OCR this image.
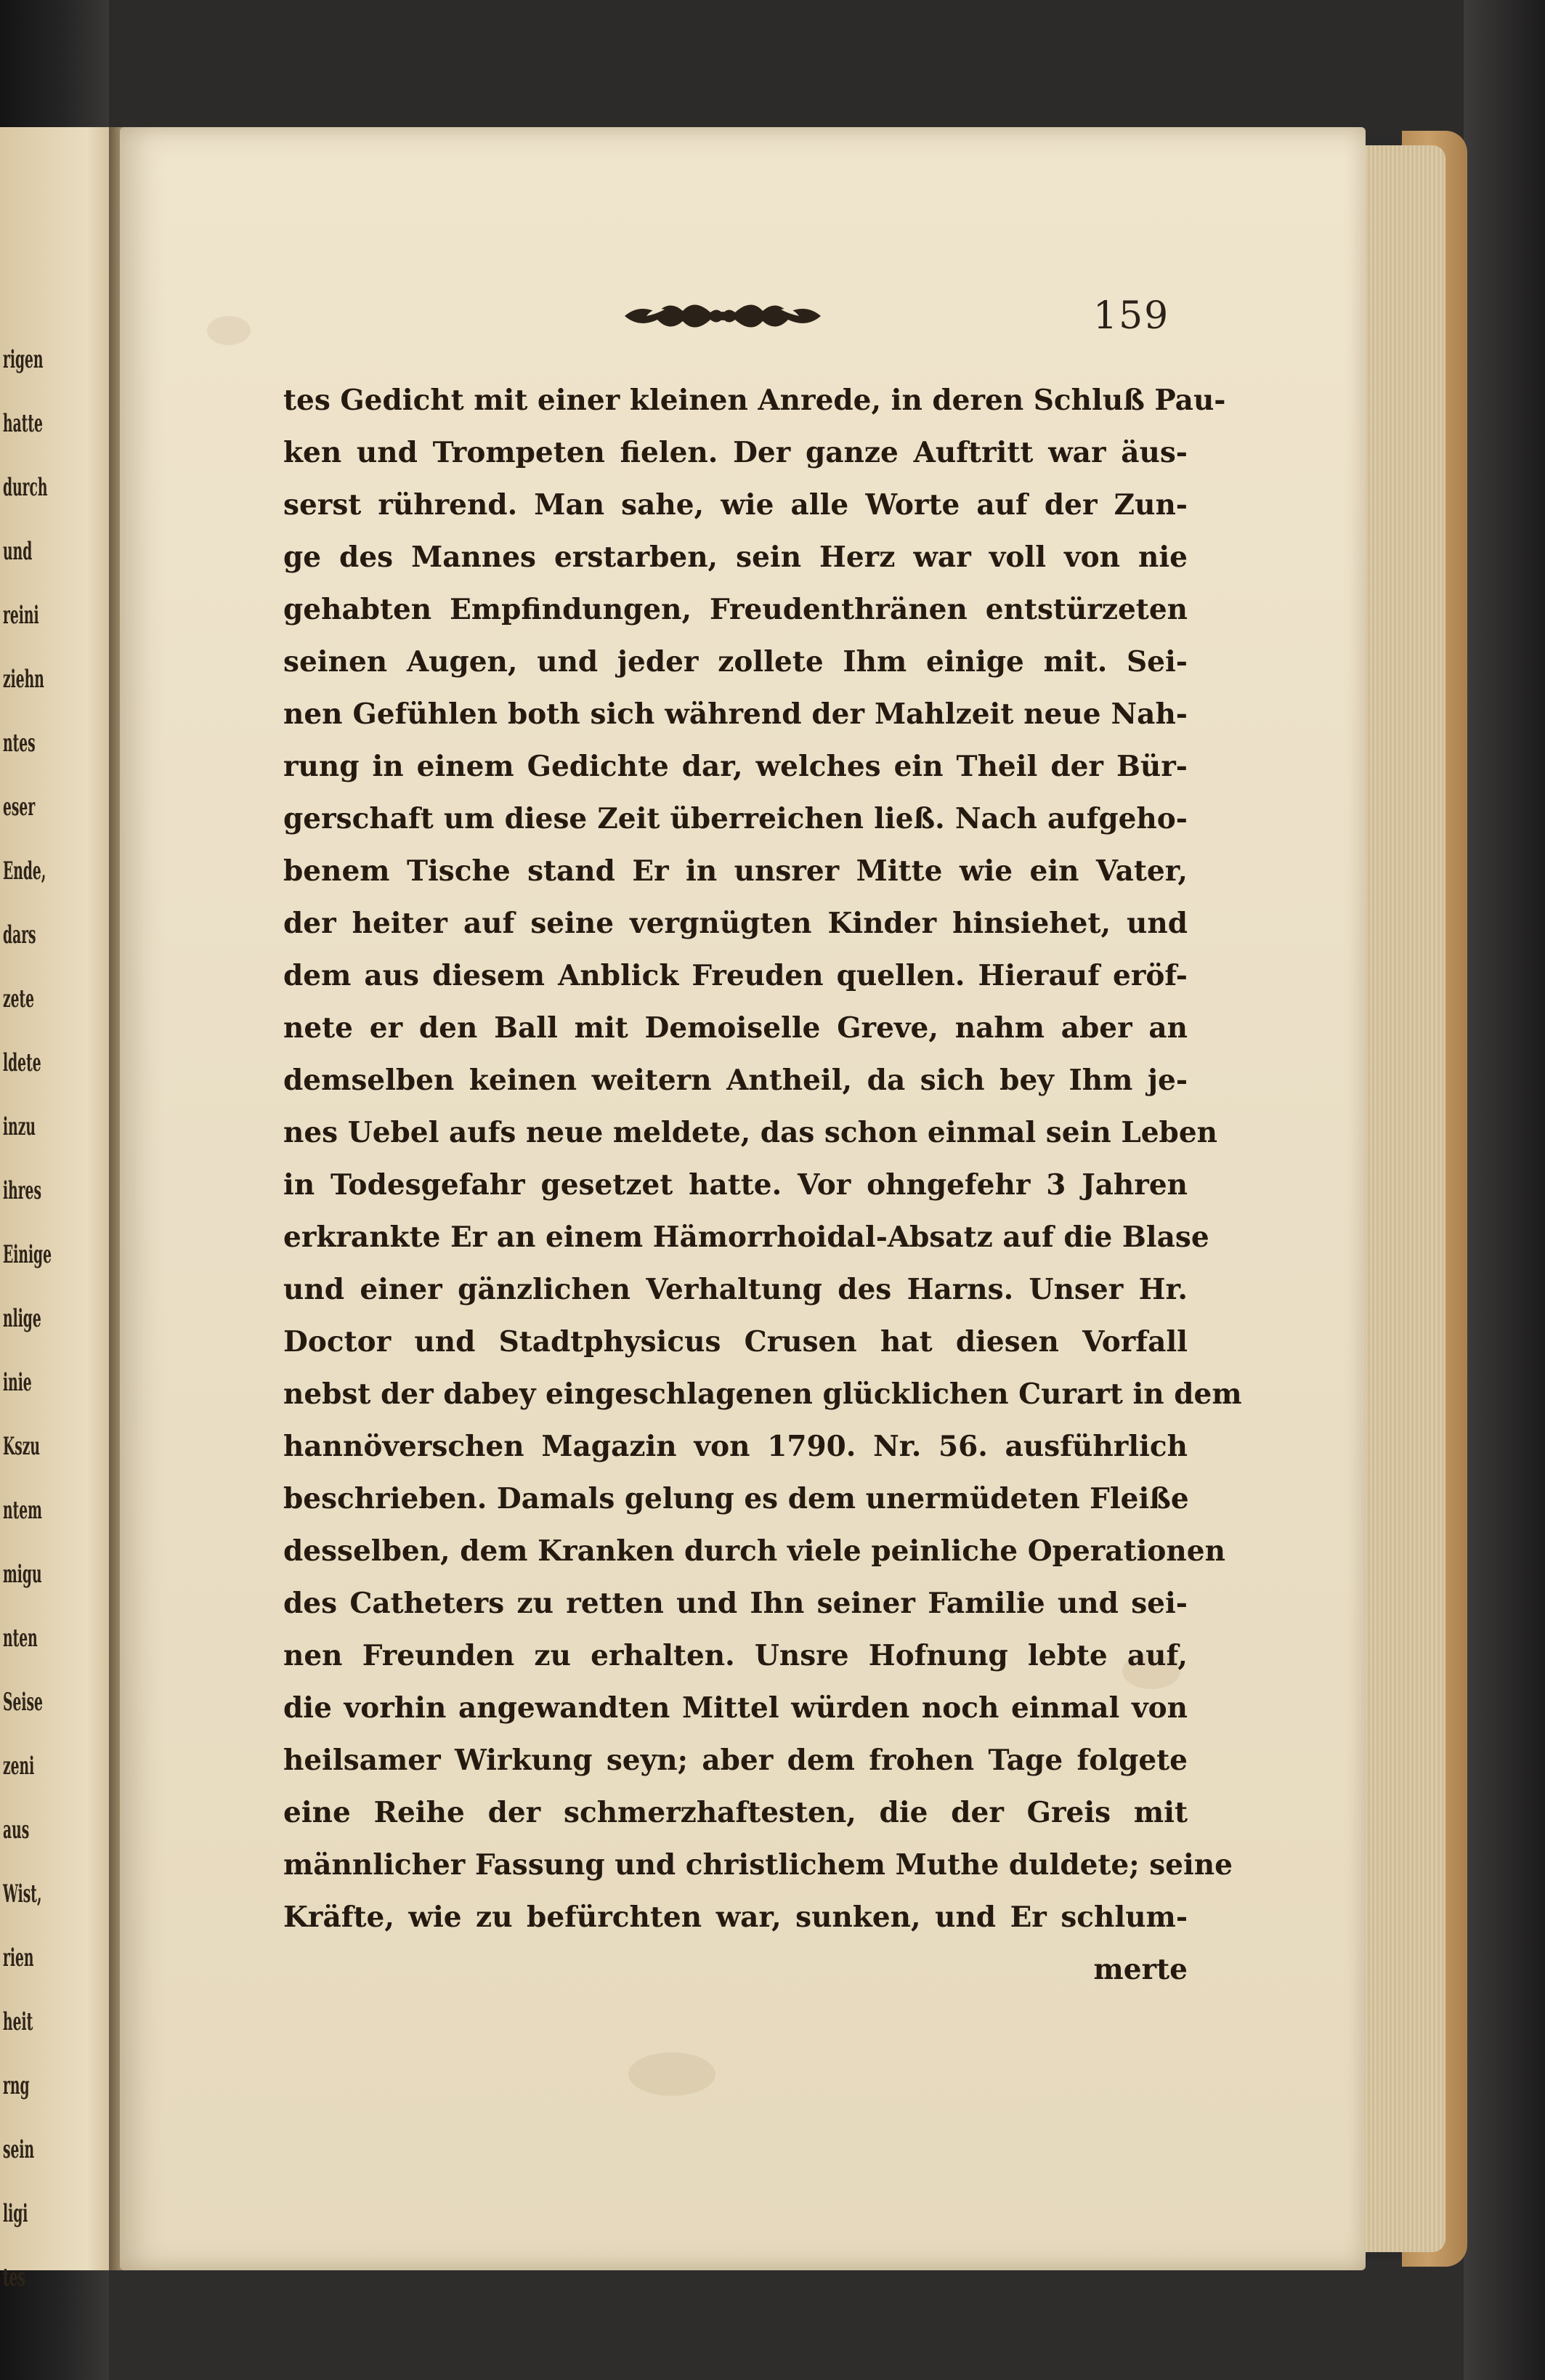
rigen
hatte
durch
und
reini
ziehn
ntes
eser
Ende,
dars
zete
ldete
inzu
ihres
Einige
nlige
inie
Kszu
ntem
migu
nten
Seise
zeni
aus
Wist,
rien
heit
rng
sein
ligi
tes
159
tes Gedicht mit einer kleinen Anrede, in deren Schluß Pau-
ken und Trompeten fielen. Der ganze Auftritt war äus-
serst rührend. Man sahe, wie alle Worte auf der Zun-
ge des Mannes erstarben, sein Herz war voll von nie
gehabten Empfindungen, Freudenthränen entstürzeten
seinen Augen, und jeder zollete Ihm einige mit. Sei-
nen Gefühlen both sich während der Mahlzeit neue Nah-
rung in einem Gedichte dar, welches ein Theil der Bür-
gerschaft um diese Zeit überreichen ließ. Nach aufgeho-
benem Tische stand Er in unsrer Mitte wie ein Vater,
der heiter auf seine vergnügten Kinder hinsiehet, und
dem aus diesem Anblick Freuden quellen. Hierauf eröf-
nete er den Ball mit Demoiselle Greve, nahm aber an
demselben keinen weitern Antheil, da sich bey Ihm je-
nes Uebel aufs neue meldete, das schon einmal sein Leben
in Todesgefahr gesetzet hatte. Vor ohngefehr 3 Jahren
erkrankte Er an einem Hämorrhoidal-Absatz auf die Blase
und einer gänzlichen Verhaltung des Harns. Unser Hr.
Doctor und Stadtphysicus Crusen hat diesen Vorfall
nebst der dabey eingeschlagenen glücklichen Curart in dem
hannöverschen Magazin von 1790. Nr. 56. ausführlich
beschrieben. Damals gelung es dem unermüdeten Fleiße
desselben, dem Kranken durch viele peinliche Operationen
des Catheters zu retten und Ihn seiner Familie und sei-
nen Freunden zu erhalten. Unsre Hofnung lebte auf,
die vorhin angewandten Mittel würden noch einmal von
heilsamer Wirkung seyn; aber dem frohen Tage folgete
eine Reihe der schmerzhaftesten, die der Greis mit
männlicher Fassung und christlichem Muthe duldete; seine
Kräfte, wie zu befürchten war, sunken, und Er schlum-
merte
